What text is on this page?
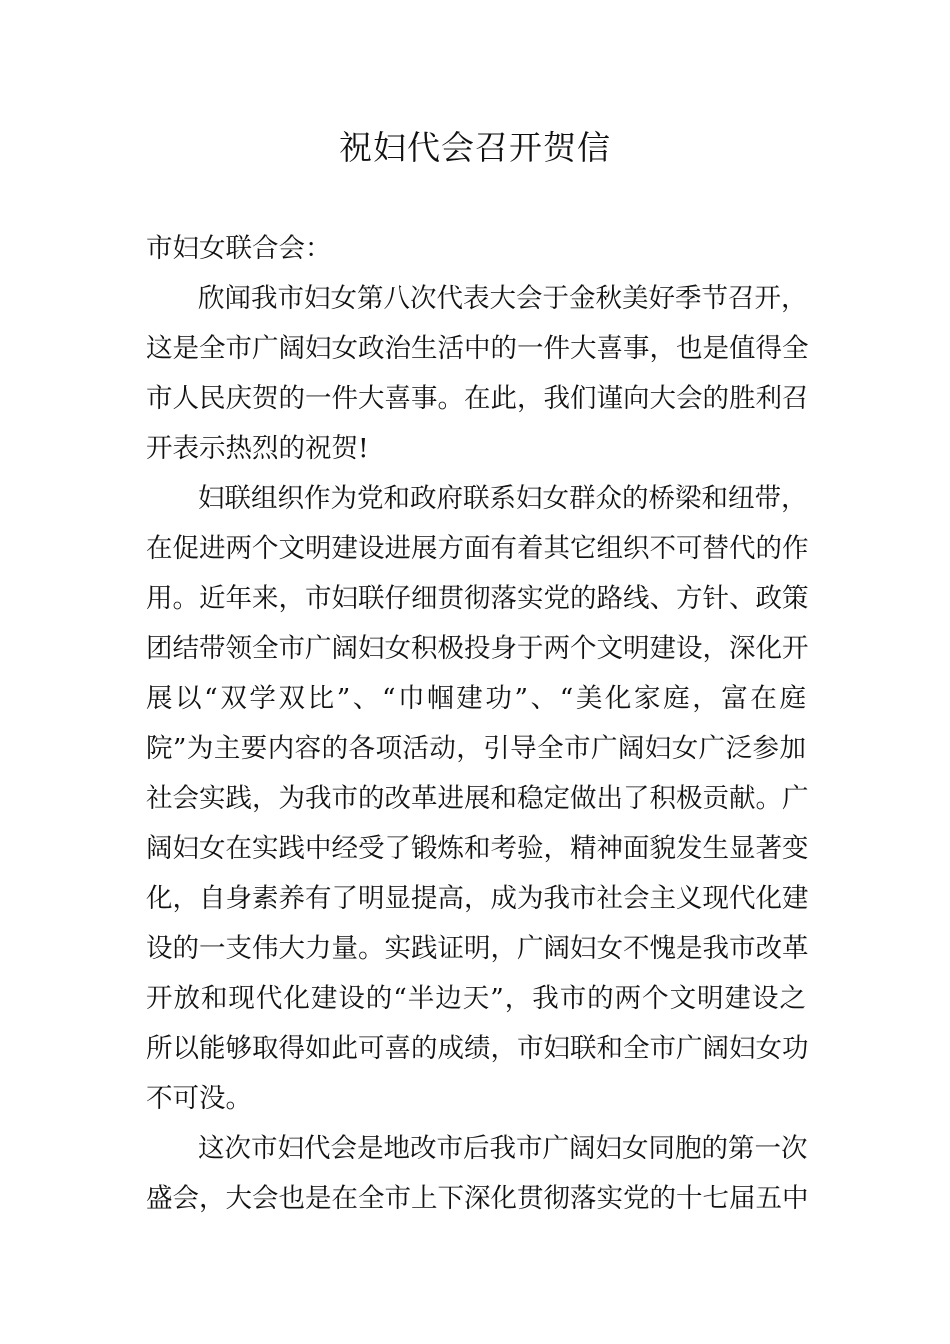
祝妇代会召开贺信

市妇女联合会：

欣闻我市妇女第八次代表大会于金秋美好季节召开，

这是全市广阔妇女政治生活中的一件大喜事，也是值得全

市人民庆贺的一件大喜事。在此，我们谨向大会的胜利召

开表示热烈的祝贺!

妇联组织作为党和政府联系妇女群众的桥梁和纽带，

在促进两个文明建设进展方面有着其它组织不可替代的作

用。近年来，市妇联仔细贯彻落实党的路线、方针、政策

团结带领全市广阔妇女积极投身于两个文明建设，深化开

展以“双学双比”、“巾帼建功”、“美化家庭，富在庭

院”为主要内容的各项活动，引导全市广阔妇女广泛参加

社会实践，为我市的改革进展和稳定做出了积极贡献。广

阔妇女在实践中经受了锻炼和考验，精神面貌发生显著变

化，自身素养有了明显提高，成为我市社会主义现代化建

设的一支伟大力量。实践证明，广阔妇女不愧是我市改革

开放和现代化建设的“半边天”，我市的两个文明建设之

所以能够取得如此可喜的成绩，市妇联和全市广阔妇女功

不可没。

这次市妇代会是地改市后我市广阔妇女同胞的第一次

盛会，大会也是在全市上下深化贯彻落实党的十七届五中
